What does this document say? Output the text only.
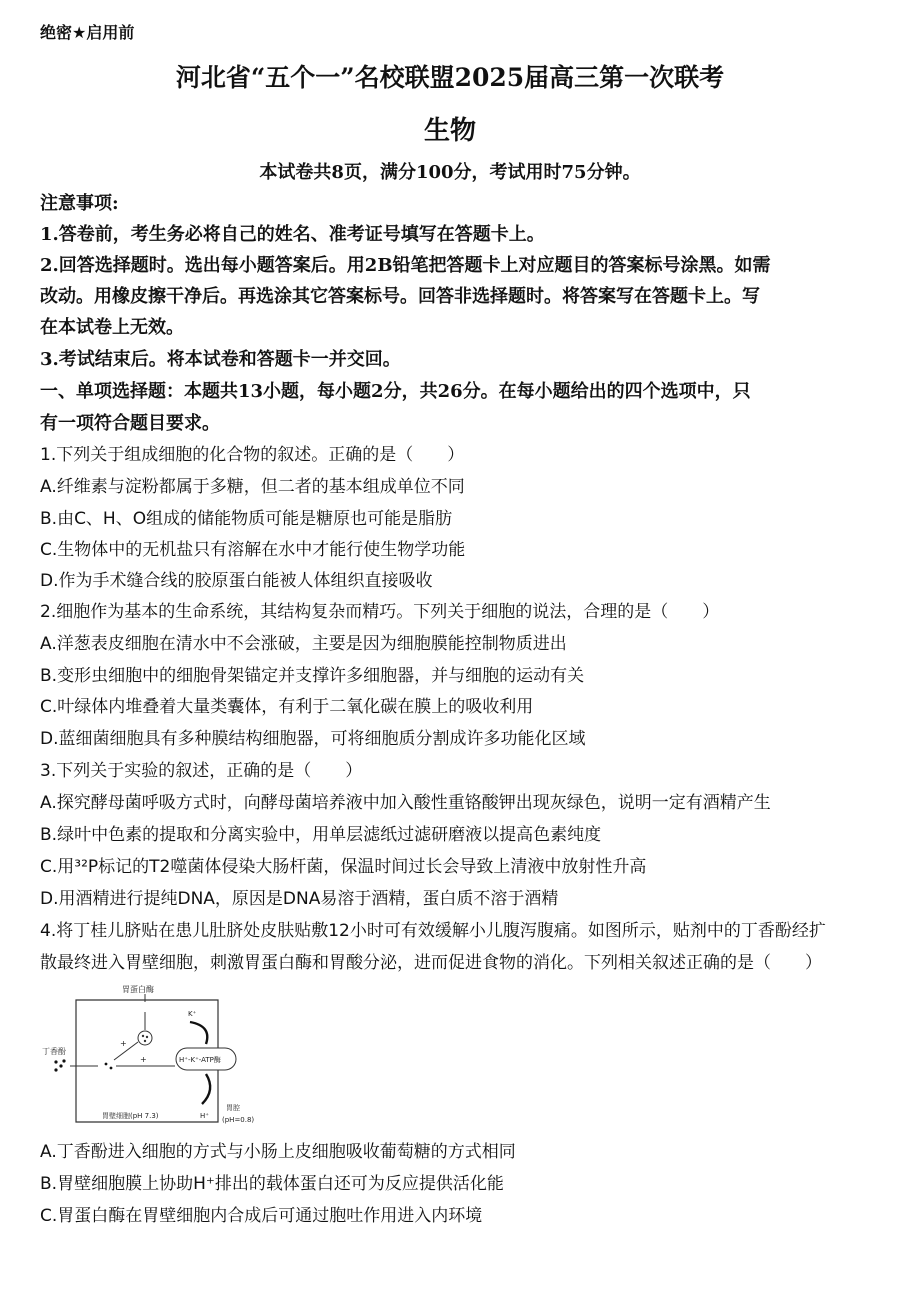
绝密★启用前
河北省“五个一”名校联盟2025届高三第一次联考
生物
本试卷共8页，满分100分，考试用时75分钟。
注意事项:
1.答卷前，考生务必将自己的姓名、准考证号填写在答题卡上。
2.回答选择题时。选出每小题答案后。用2B铅笔把答题卡上对应题目的答案标号涂黑。如需
改动。用橡皮擦干净后。再选涂其它答案标号。回答非选择题时。将答案写在答题卡上。写
在本试卷上无效。
3.考试结束后。将本试卷和答题卡一并交回。
一、单项选择题：本题共13小题，每小题2分，共26分。在每小题给出的四个选项中，只
有一项符合题目要求。
1.下列关于组成细胞的化合物的叙述。正确的是（　　）
A.纤维素与淀粉都属于多糖，但二者的基本组成单位不同
B.由C、H、O组成的储能物质可能是糖原也可能是脂肪
C.生物体中的无机盐只有溶解在水中才能行使生物学功能
D.作为手术缝合线的胶原蛋白能被人体组织直接吸收
2.细胞作为基本的生命系统，其结构复杂而精巧。下列关于细胞的说法，合理的是（　　）
A.洋葱表皮细胞在清水中不会涨破，主要是因为细胞膜能控制物质进出
B.变形虫细胞中的细胞骨架锚定并支撑许多细胞器，并与细胞的运动有关
C.叶绿体内堆叠着大量类囊体，有利于二氧化碳在膜上的吸收利用
D.蓝细菌细胞具有多种膜结构细胞器，可将细胞质分割成许多功能化区域
3.下列关于实验的叙述，正确的是（　　）
A.探究酵母菌呼吸方式时，向酵母菌培养液中加入酸性重铬酸钾出现灰绿色，说明一定有酒精产生
B.绿叶中色素的提取和分离实验中，用单层滤纸过滤研磨液以提高色素纯度
C.用³²P标记的T2噬菌体侵染大肠杆菌，保温时间过长会导致上清液中放射性升高
D.用酒精进行提纯DNA，原因是DNA易溶于酒精，蛋白质不溶于酒精
4.将丁桂儿脐贴在患儿肚脐处皮肤贴敷12小时可有效缓解小儿腹泻腹痛。如图所示，贴剂中的丁香酚经扩
散最终进入胃壁细胞，刺激胃蛋白酶和胃酸分泌，进而促进食物的消化。下列相关叙述正确的是（　　）
胃蛋白酶
丁香酚
+
+
H⁺-K⁺-ATP酶
K⁺
H⁺
胃壁细胞(pH 7.3)
胃腔
(pH=0.8)
A.丁香酚进入细胞的方式与小肠上皮细胞吸收葡萄糖的方式相同
B.胃壁细胞膜上协助H⁺排出的载体蛋白还可为反应提供活化能
C.胃蛋白酶在胃壁细胞内合成后可通过胞吐作用进入内环境
